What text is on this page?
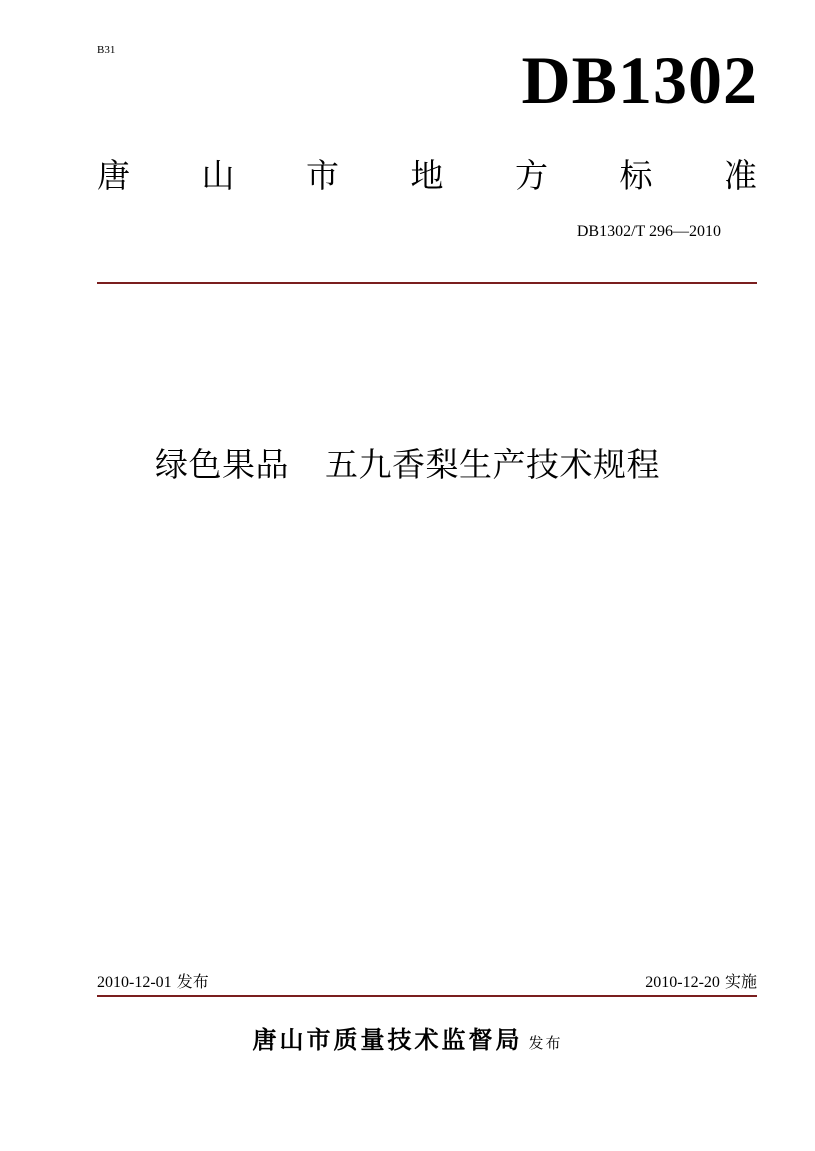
B31	DB1302
唐 山 市 地 方 标 准
DB1302/T 296—2010
绿色果品 五九香梨生产技术规程
2010-12-01 发布	2010-12-20 实施
唐山市质量技术监督局 发布
